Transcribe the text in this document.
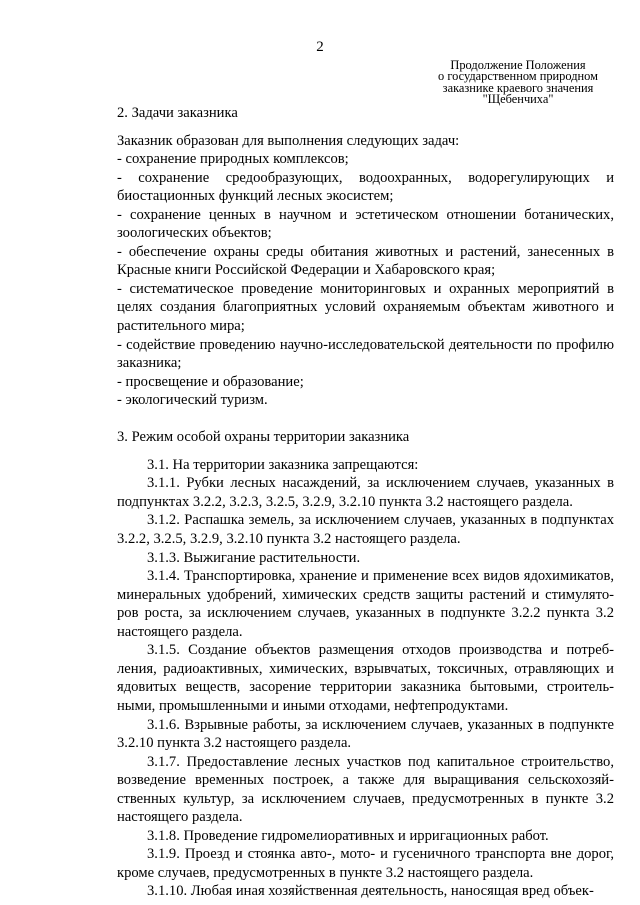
2
Продолжение Положения
о государственном природном
заказнике краевого значения
"Щебенчиха"

2. Задачи заказника

Заказник образован для выполнения следующих задач:

- сохранение природных комплексов;

- сохранение средообразующих, водоохранных, водорегулирующих и биостационных функций лесных экосистем;

- сохранение ценных в научном и эстетическом отношении ботанических, зоологических объектов;

- обеспечение охраны среды обитания животных и растений, занесенных в Красные книги Российской Федерации и Хабаровского края;

- систематическое проведение мониторинговых и охранных мероприятий в целях создания благоприятных условий охраняемым объектам животного и растительного мира;

- содействие проведению научно-исследовательской деятельности по профилю заказника;

- просвещение и образование;

- экологический туризм.

3. Режим особой охраны территории заказника

3.1. На территории заказника запрещаются:

3.1.1. Рубки лесных насаждений, за исключением случаев, указанных в подпунктах 3.2.2, 3.2.3, 3.2.5, 3.2.9, 3.2.10 пункта 3.2 настоящего раздела.

3.1.2. Распашка земель, за исключением случаев, указанных в подпунктах 3.2.2, 3.2.5, 3.2.9, 3.2.10 пункта 3.2 настоящего раздела.

3.1.3. Выжигание растительности.

3.1.4. Транспортировка, хранение и применение всех видов ядохимикатов, минеральных удобрений, химических средств защиты растений и стимуляторов роста, за исключением случаев, указанных в подпункте 3.2.2 пункта 3.2 настоящего раздела.

3.1.5. Создание объектов размещения отходов производства и потребления, радиоактивных, химических, взрывчатых, токсичных, отравляющих и ядовитых веществ, засорение территории заказника бытовыми, строительными, промышленными и иными отходами, нефтепродуктами.

3.1.6. Взрывные работы, за исключением случаев, указанных в подпункте 3.2.10 пункта 3.2 настоящего раздела.

3.1.7. Предоставление лесных участков под капитальное строительство, возведение временных построек, а также для выращивания сельскохозяйственных культур, за исключением случаев, предусмотренных в пункте 3.2 настоящего раздела.

3.1.8. Проведение гидромелиоративных и ирригационных работ.

3.1.9. Проезд и стоянка авто-, мото- и гусеничного транспорта вне дорог, кроме случаев, предусмотренных в пункте 3.2 настоящего раздела.

3.1.10. Любая иная хозяйственная деятельность, наносящая вред объек-
